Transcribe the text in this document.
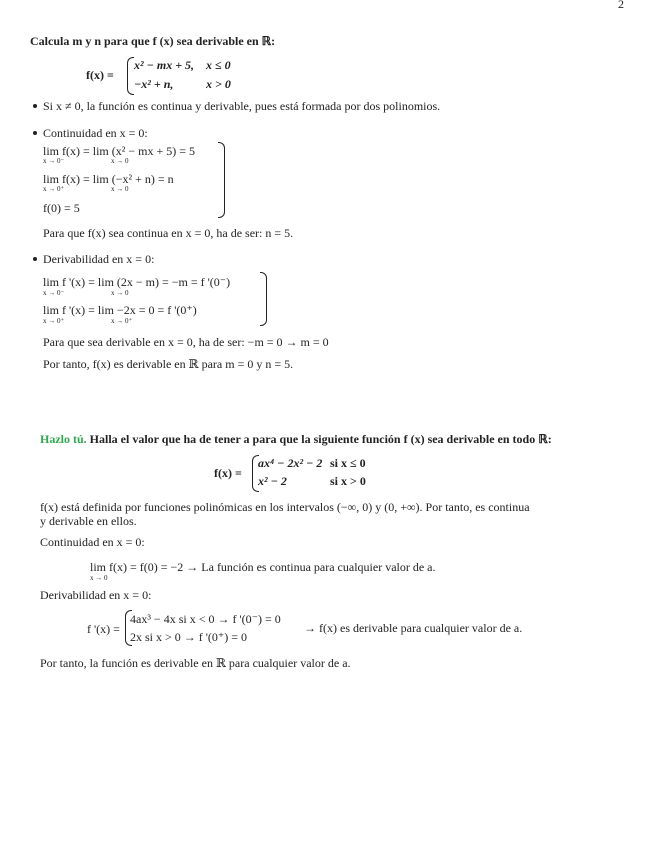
2
Calcula m y n para que f (x) sea derivable en ℝ:
f(x) =
x² − mx + 5, x ≤ 0
−x² + n,	x > 0
Si x ≠ 0, la función es continua y derivable, pues está formada por dos polinomios.
Continuidad en x = 0:
lim f(x) = lim (x² − mx + 5) = 5
x → 0⁻	x → 0
lim f(x) = lim (−x² + n) = n
x → 0⁺	x → 0
f(0) = 5
Para que f(x) sea continua en x = 0, ha de ser: n = 5.
Derivabilidad en x = 0:
lim f '(x) = lim (2x − m) = −m = f '(0⁻)
x → 0⁻	x → 0
lim f '(x) = lim −2x = 0 = f '(0⁺)
x → 0⁺	x → 0⁺
Para que sea derivable en x = 0, ha de ser: −m = 0 → m = 0
Por tanto, f(x) es derivable en ℝ para m = 0 y n = 5.
Hazlo tú. Halla el valor que ha de tener a para que la siguiente función f (x) sea derivable en todo ℝ:
f(x) =
ax⁴ − 2x² − 2 si x ≤ 0
x² − 2	si x > 0
f(x) está definida por funciones polinómicas en los intervalos (−∞, 0) y (0, +∞). Por tanto, es continua
y derivable en ellos.
Continuidad en x = 0:
lim f(x) = f(0) = −2 → La función es continua para cualquier valor de a.
x → 0
Derivabilidad en x = 0:
f '(x) =
4ax³ − 4x si x < 0 → f '(0⁻) = 0
2x si x > 0 → f '(0⁺) = 0
→ f(x) es derivable para cualquier valor de a.
Por tanto, la función es derivable en ℝ para cualquier valor de a.
